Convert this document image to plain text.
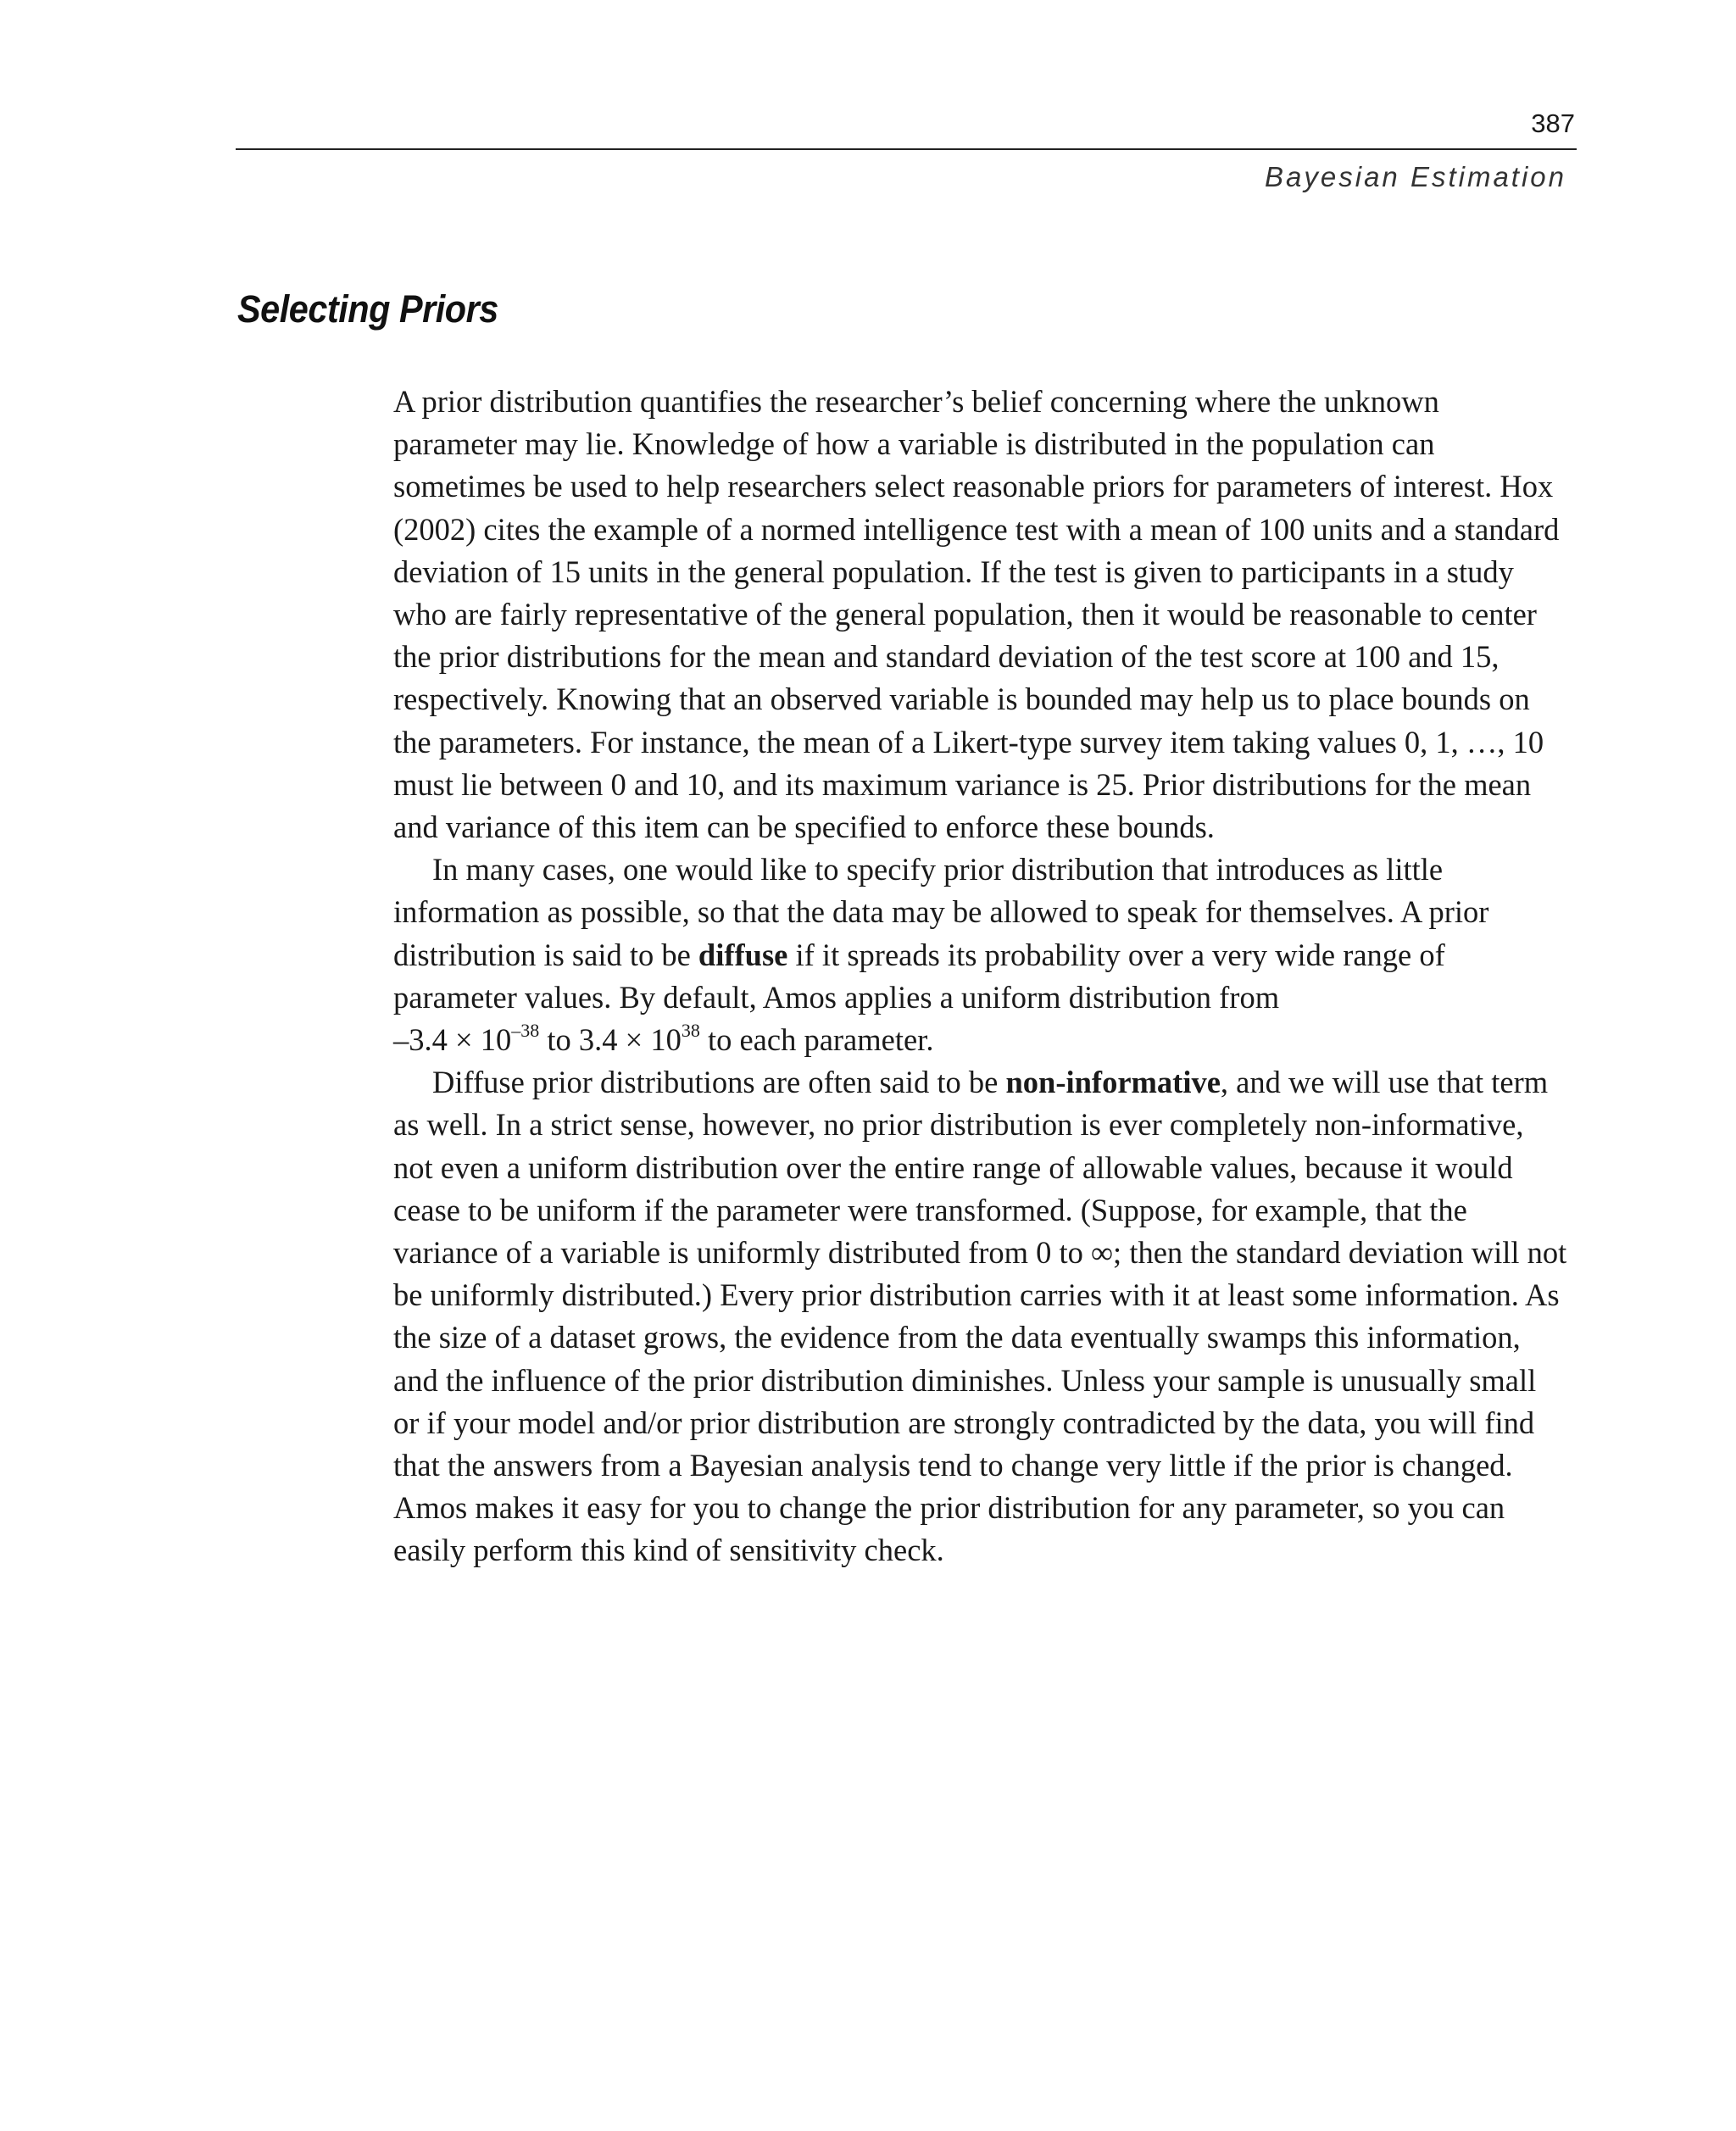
387
Bayesian Estimation
Selecting Priors

A prior distribution quantifies the researcher’s belief concerning where the unknown parameter may lie. Knowledge of how a variable is distributed in the population can sometimes be used to help researchers select reasonable priors for parameters of interest. Hox (2002) cites the example of a normed intelligence test with a mean of 100 units and a standard deviation of 15 units in the general population. If the test is given to participants in a study who are fairly representative of the general population, then it would be reasonable to center the prior distributions for the mean and standard deviation of the test score at 100 and 15, respectively. Knowing that an observed variable is bounded may help us to place bounds on the parameters. For instance, the mean of a Likert-type survey item taking values 0, 1, …, 10 must lie between 0 and 10, and its maximum variance is 25. Prior distributions for the mean and variance of this item can be specified to enforce these bounds.

In many cases, one would like to specify prior distribution that introduces as little information as possible, so that the data may be allowed to speak for themselves. A prior distribution is said to be diffuse if it spreads its probability over a very wide range of parameter values. By default, Amos applies a uniform distribution from
$-3.4 \times 10^{-38}$ to $3.4 \times 10^{38}$ to each parameter.

Diffuse prior distributions are often said to be non-informative, and we will use that term as well. In a strict sense, however, no prior distribution is ever completely non-informative, not even a uniform distribution over the entire range of allowable values, because it would cease to be uniform if the parameter were transformed. (Suppose, for example, that the variance of a variable is uniformly distributed from 0 to ∞; then the standard deviation will not be uniformly distributed.) Every prior distribution carries with it at least some information. As the size of a dataset grows, the evidence from the data eventually swamps this information, and the influence of the prior distribution diminishes. Unless your sample is unusually small or if your model and/or prior distribution are strongly contradicted by the data, you will find that the answers from a Bayesian analysis tend to change very little if the prior is changed. Amos makes it easy for you to change the prior distribution for any parameter, so you can easily perform this kind of sensitivity check.
